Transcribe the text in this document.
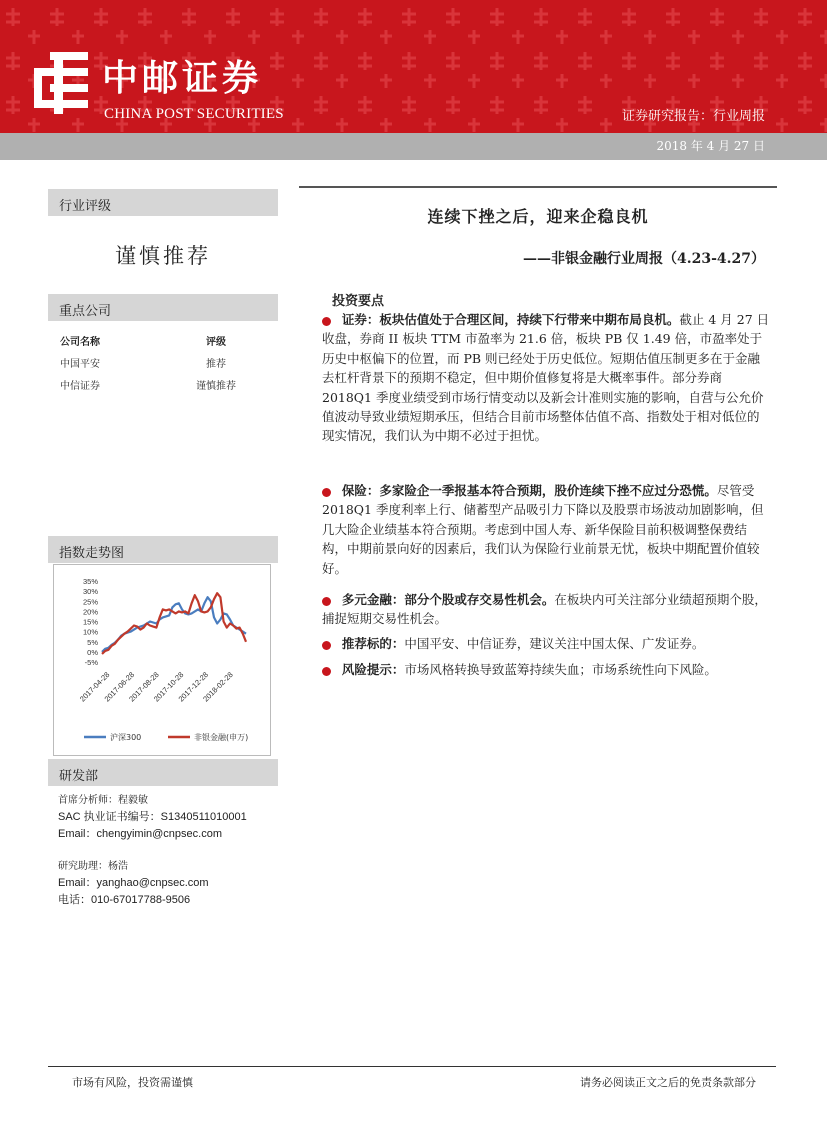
中邮证券
CHINA POST SECURITIES	证券研究报告：行业周报
2018 年 4 月 27 日
行业评级
谨慎推荐
重点公司
公司名称	评级
中国平安	推荐
中信证券	谨慎推荐
指数走势图
35%
30%
25%
20%
15%
10%
5%
0%
-5%
2017-04-28
2017-06-28
2017-08-28
2017-10-28
2017-12-28
2018-02-28
沪深300	非银金融(申万)
研发部
首席分析师：程毅敏
SAC 执业证书编号：S1340511010001
Email：chengyimin@cnpsec.com
研究助理：杨浩
Email：yanghao@cnpsec.com
电话：010-67017788-9506
连续下挫之后，迎来企稳良机
——非银金融行业周报（4.23-4.27）
投资要点

证券：板块估值处于合理区间，持续下行带来中期布局良机。截止 4 月 27 日收盘，券商 II 板块 TTM 市盈率为 21.6 倍，板块 PB 仅 1.49 倍，市盈率处于历史中枢偏下的位置，而 PB 则已经处于历史低位。短期估值压制更多在于金融去杠杆背景下的预期不稳定，但中期价值修复将是大概率事件。部分券商 2018Q1 季度业绩受到市场行情变动以及新会计准则实施的影响，自营与公允价值波动导致业绩短期承压，但结合目前市场整体估值不高、指数处于相对低位的现实情况，我们认为中期不必过于担忧。

保险：多家险企一季报基本符合预期，股价连续下挫不应过分恐慌。尽管受 2018Q1 季度利率上行、储蓄型产品吸引力下降以及股票市场波动加剧影响，但几大险企业绩基本符合预期。考虑到中国人寿、新华保险目前积极调整保费结构，中期前景向好的因素后，我们认为保险行业前景无忧，板块中期配置价值较好。

多元金融：部分个股或存交易性机会。在板块内可关注部分业绩超预期个股，捕捉短期交易性机会。

推荐标的：中国平安、中信证券，建议关注中国太保、广发证券。

风险提示：市场风格转换导致蓝筹持续失血；市场系统性向下风险。

市场有风险，投资需谨慎	请务必阅读正文之后的免责条款部分
